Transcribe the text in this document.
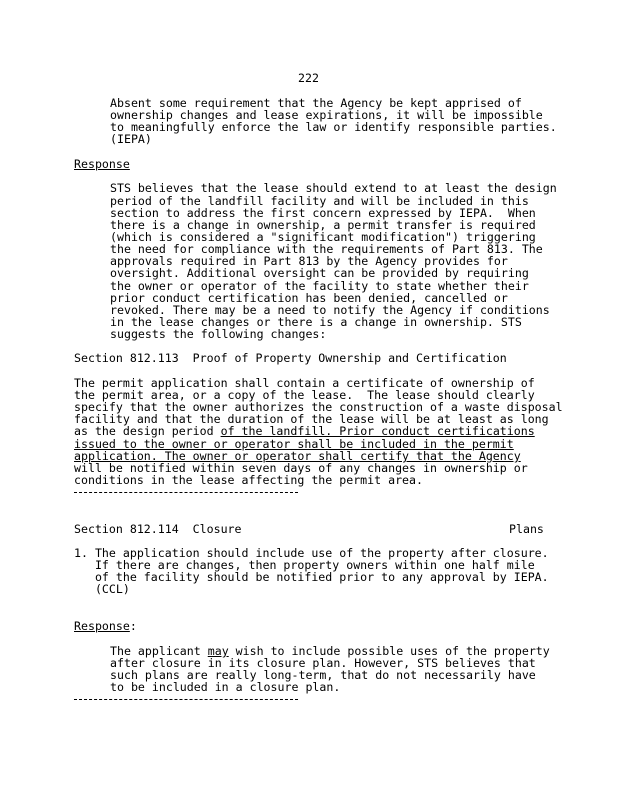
222
Absent some requirement that the Agency be kept apprised of
ownership changes and lease expirations, it will be impossible
to meaningfully enforce the law or identify responsible parties.
(IEPA)
Response
STS believes that the lease should extend to at least the design
period of the landfill facility and will be included in this
section to address the first concern expressed by IEPA.  When
there is a change in ownership, a permit transfer is required
(which is considered a "significant modification") triggering
the need for compliance with the requirements of Part 813. The
approvals required in Part 813 by the Agency provides for
oversight. Additional oversight can be provided by requiring
the owner or operator of the facility to state whether their
prior conduct certification has been denied, cancelled or
revoked. There may be a need to notify the Agency if conditions
in the lease changes or there is a change in ownership. STS
suggests the following changes:
Section 812.113  Proof of Property Ownership and Certification
The permit application shall contain a certificate of ownership of
the permit area, or a copy of the lease.  The lease should clearly
specify that the owner authorizes the construction of a waste disposal
facility and that the duration of the lease will be at least as long
as the design period of the landfill. Prior conduct certifications
issued to the owner or operator shall be included in the permit
application. The owner or operator shall certify that the Agency
will be notified within seven days of any changes in ownership or
conditions in the lease affecting the permit area.
Section 812.114  Closure	Plans
1. The application should include use of the property after closure.
If there are changes, then property owners within one half mile
of the facility should be notified prior to any approval by IEPA.
(CCL)
Response:
The applicant may wish to include possible uses of the property
after closure in its closure plan. However, STS believes that
such plans are really long-term, that do not necessarily have
to be included in a closure plan.
